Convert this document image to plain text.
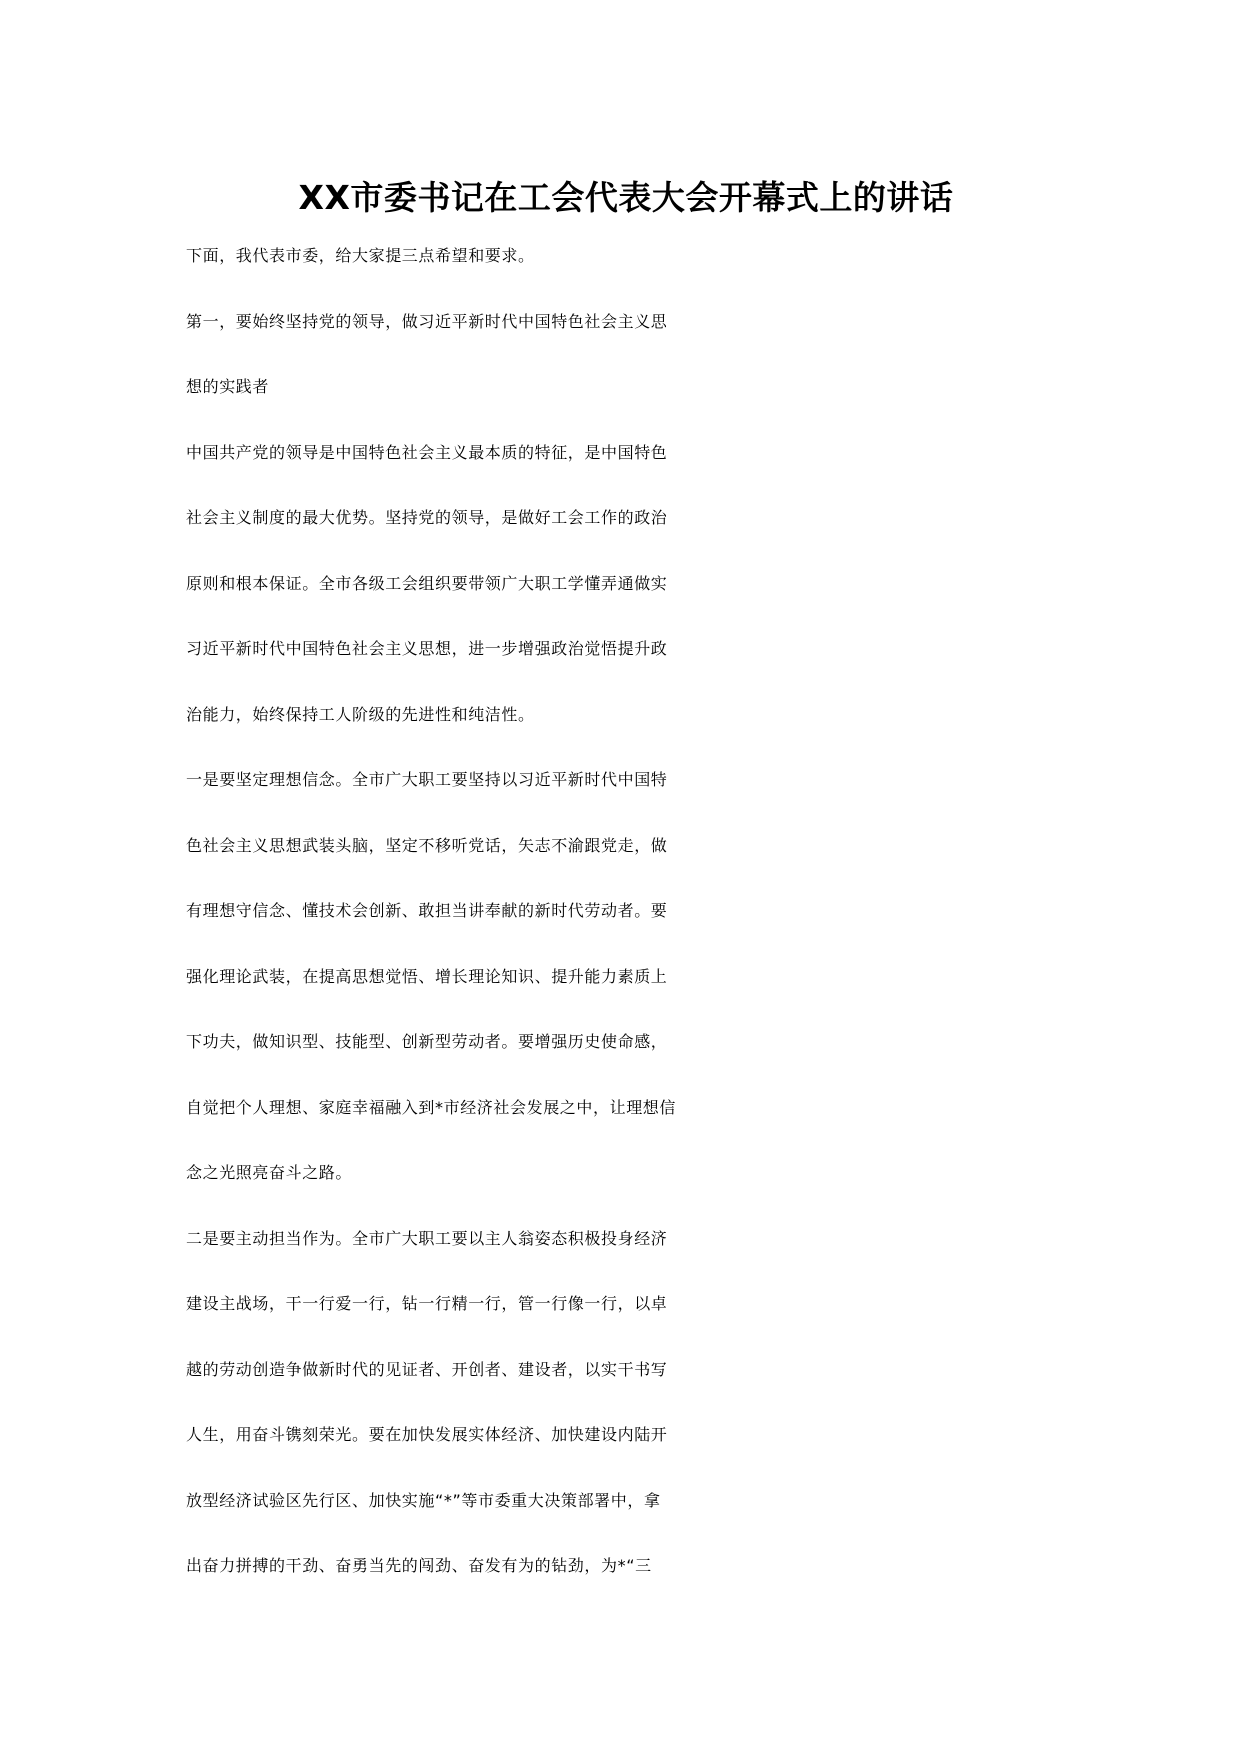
XX市委书记在工会代表大会开幕式上的讲话
下面，我代表市委，给大家提三点希望和要求。
第一，要始终坚持党的领导，做习近平新时代中国特色社会主义思
想的实践者
中国共产党的领导是中国特色社会主义最本质的特征，是中国特色
社会主义制度的最大优势。坚持党的领导，是做好工会工作的政治
原则和根本保证。全市各级工会组织要带领广大职工学懂弄通做实
习近平新时代中国特色社会主义思想，进一步增强政治觉悟提升政
治能力，始终保持工人阶级的先进性和纯洁性。
一是要坚定理想信念。全市广大职工要坚持以习近平新时代中国特
色社会主义思想武装头脑，坚定不移听党话，矢志不渝跟党走，做
有理想守信念、懂技术会创新、敢担当讲奉献的新时代劳动者。要
强化理论武装，在提高思想觉悟、增长理论知识、提升能力素质上
下功夫，做知识型、技能型、创新型劳动者。要增强历史使命感，
自觉把个人理想、家庭幸福融入到*市经济社会发展之中，让理想信
念之光照亮奋斗之路。
二是要主动担当作为。全市广大职工要以主人翁姿态积极投身经济
建设主战场，干一行爱一行，钻一行精一行，管一行像一行，以卓
越的劳动创造争做新时代的见证者、开创者、建设者，以实干书写
人生，用奋斗镌刻荣光。要在加快发展实体经济、加快建设内陆开
放型经济试验区先行区、加快实施“*”等市委重大决策部署中，拿
出奋力拼搏的干劲、奋勇当先的闯劲、奋发有为的钻劲，为*“三
